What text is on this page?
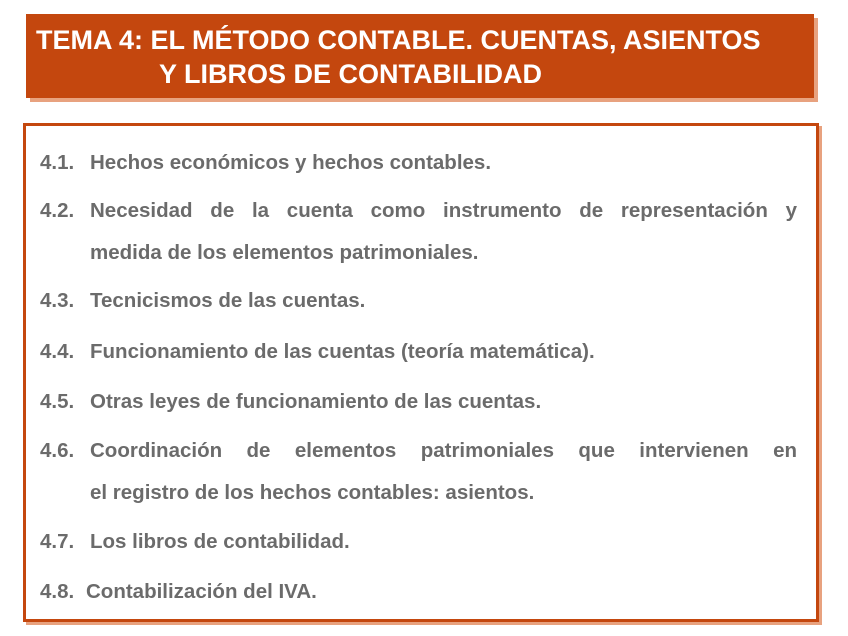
TEMA 4: EL MÉTODO CONTABLE. CUENTAS, ASIENTOS
Y LIBROS DE CONTABILIDAD
4.1. Hechos económicos y hechos contables.
4.2. Necesidad de la cuenta como instrumento de representación y
medida de los elementos patrimoniales.
4.3. Tecnicismos de las cuentas.
4.4. Funcionamiento de las cuentas (teoría matemática).
4.5. Otras leyes de funcionamiento de las cuentas.
4.6. Coordinación de elementos patrimoniales que intervienen en
el registro de los hechos contables: asientos.
4.7. Los libros de contabilidad.
4.8. Contabilización del IVA.
